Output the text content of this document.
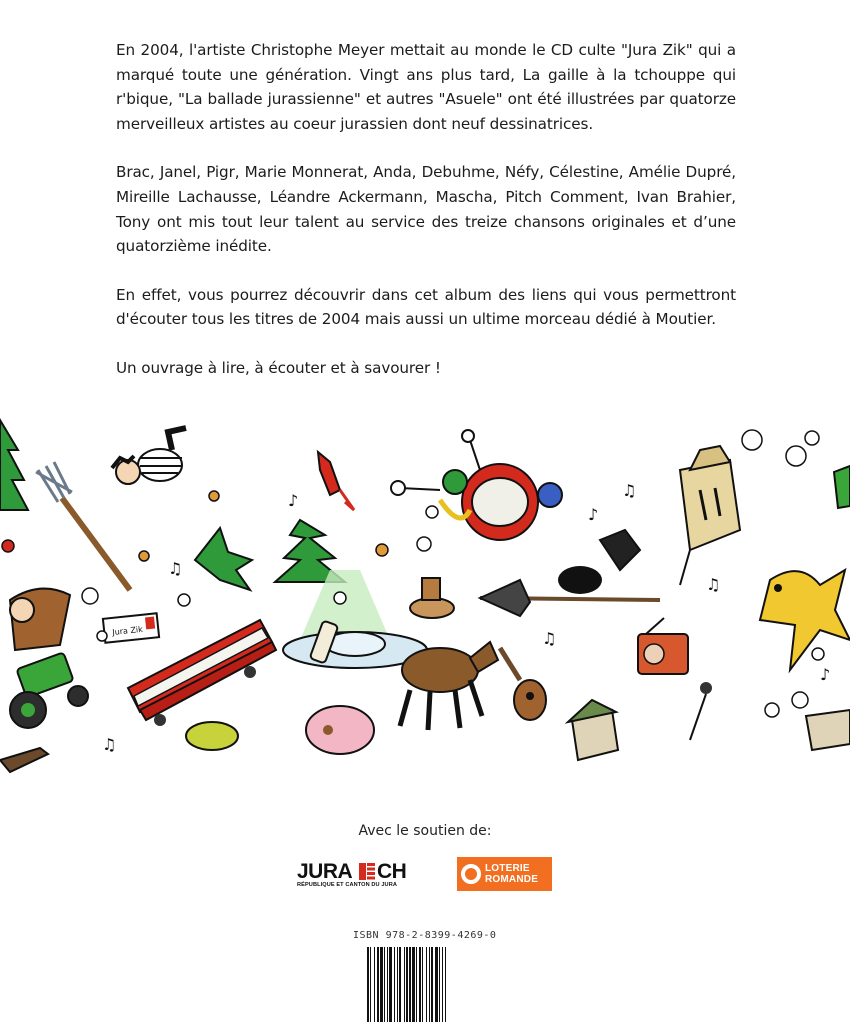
En 2004, l'artiste Christophe Meyer mettait au monde le CD culte "Jura Zik" qui a marqué toute une génération. Vingt ans plus tard, La gaille à la tchouppe qui r'bique, "La ballade jurassienne" et autres "Asuele" ont été illustrées par quatorze merveilleux artistes au coeur jurassien dont neuf dessinatrices.

Brac, Janel, Pigr, Marie Monnerat, Anda, Debuhme, Néfy, Célestine, Amélie Dupré, Mireille Lachausse, Léandre Ackermann, Mascha, Pitch Comment, Ivan Brahier, Tony ont mis tout leur talent au service des treize chansons originales et d’une quatorzième inédite.

En effet, vous pourrez découvrir dans cet album des liens qui vous permettront d'écouter tous les titres de 2004 mais aussi un ultime morceau dédié à Moutier.

Un ouvrage à lire, à écouter et à savourer !

Jura Zik
♫
♪
♫
♫
♫
♪
♪
♫
Avec le soutien de:
JURA CH
RÉPUBLIQUE ET CANTON DU JURA
LOTERIE
ROMANDE
ISBN 978-2-8399-4269-0
